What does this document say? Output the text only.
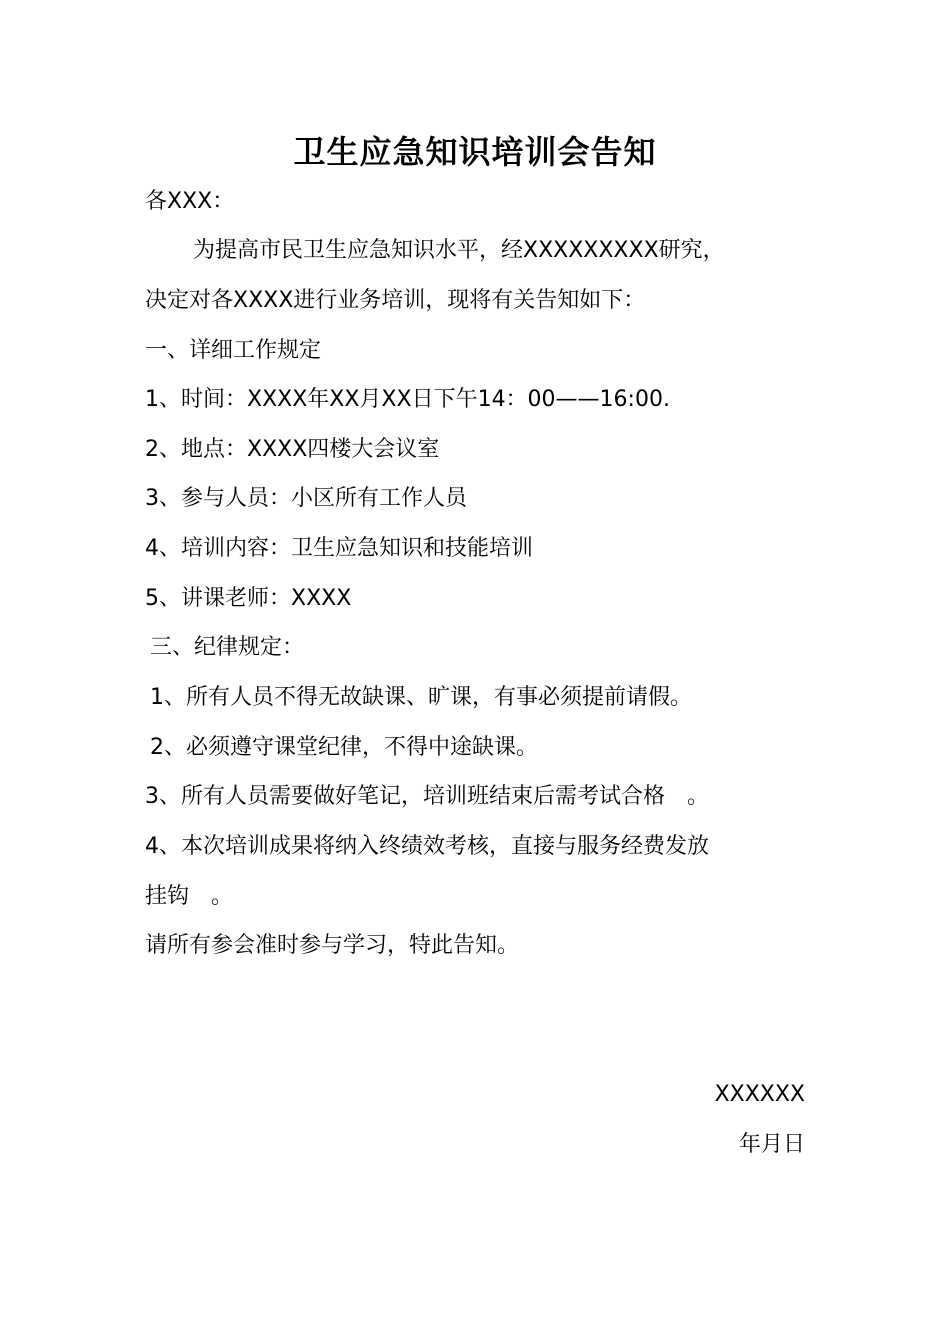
卫生应急知识培训会告知
各XXX：
为提高市民卫生应急知识水平，经XXXXXXXXX研究，
决定对各XXXX进行业务培训，现将有关告知如下：
一、详细工作规定
1、时间：XXXX年XX月XX日下午14：00——16:00.
2、地点：XXXX四楼大会议室
3、参与人员：小区所有工作人员
4、培训内容：卫生应急知识和技能培训
5、讲课老师：XXXX
三、纪律规定：
1、所有人员不得无故缺课、旷课，有事必须提前请假。
2、必须遵守课堂纪律，不得中途缺课。
3、所有人员需要做好笔记，培训班结束后需考试合格　。
4、本次培训成果将纳入终绩效考核，直接与服务经费发放
挂钩　。
请所有参会准时参与学习，特此告知。
XXXXXX
年月日
